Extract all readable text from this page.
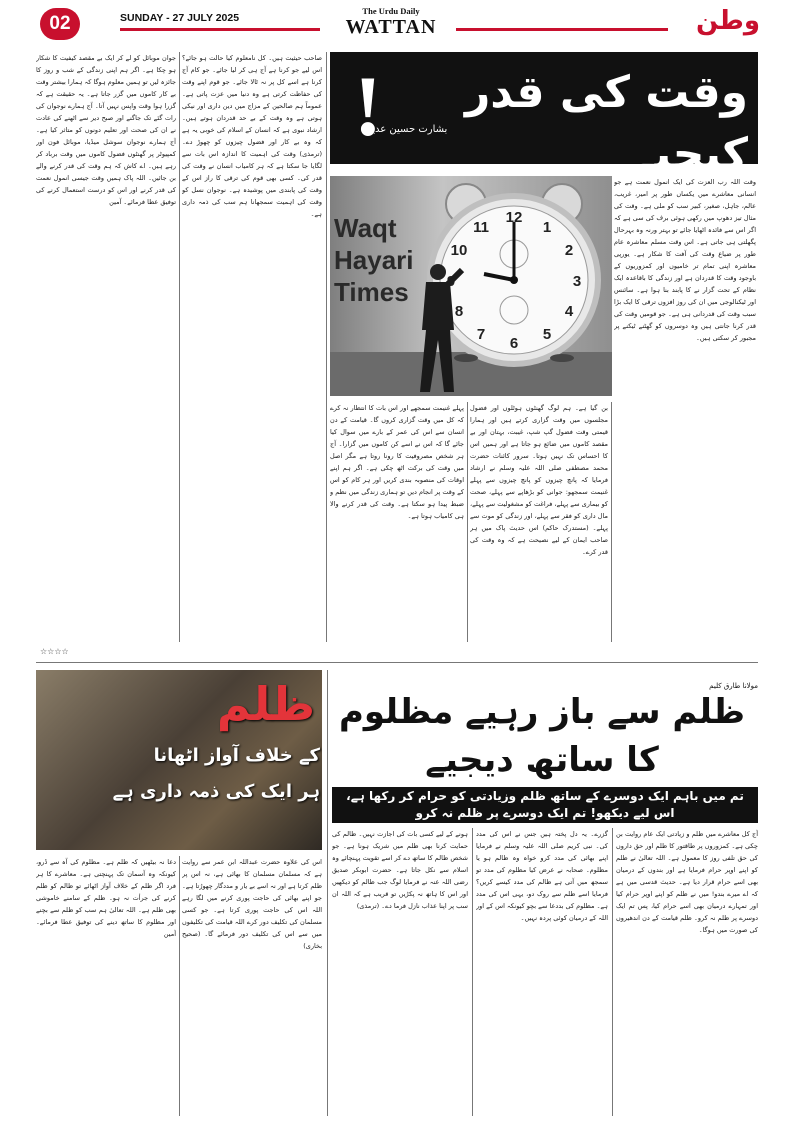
02	SUNDAY - 27 JULY 2025
The Urdu Daily
WATTAN	وطن
وقت کی قدر کیجیے
بشارت حسین عدیل
!
Waqt Hayari Times
12
1
2
3
4
5
6
7
8
10
11
وقت اللہ رب العزت کی ایک انمول نعمت ہے جو انسانی معاشرے میں یکساں طور پر امیر، غریب، عالم، جاہل، صغیر، کبیر سب کو ملی ہے۔ وقت کی مثال تیز دھوپ میں رکھی ہوئی برف کی سی ہے کہ اگر اس سے فائدہ اٹھایا جائے تو بہتر ورنہ وہ بہرحال پگھلتی ہی جاتی ہے۔ اس وقت مسلم معاشرہ عام طور پر ضیاع وقت کی آفت کا شکار ہے۔ یورپی معاشرہ اپنی تمام تر خامیوں اور کمزوریوں کے باوجود وقت کا قدردان ہے اور زندگی کا باقاعدہ ایک نظام کے تحت گزار نے کا پابند بنا ہوا ہے۔ سائنس اور ٹیکنالوجی میں ان کی روز افزوں ترقی کا ایک بڑا سبب وقت کی قدردانی ہی ہے۔ جو قومیں وقت کی قدر کرنا جانتی ہیں وہ دوسروں کو گھٹنے ٹیکنے پر مجبور کر سکتی ہیں۔
بن گیا ہے۔ ہم لوگ گھنٹوں ہوٹلوں اور فضول مجلسوں میں وقت گزاری کرتے ہیں اور ہمارا قیمتی وقت فضول گپ شپ، غیبت، بہتان اور بے مقصد کاموں میں ضائع ہو جاتا ہے اور ہمیں اس کا احساس تک نہیں ہوتا۔ سرور کائنات حضرت محمد مصطفی صلی اللہ علیہ وسلم نے ارشاد فرمایا کہ پانچ چیزوں کو پانچ چیزوں سے پہلے غنیمت سمجھو: جوانی کو بڑھاپے سے پہلے، صحت کو بیماری سے پہلے، فراغت کو مشغولیت سے پہلے، مال داری کو فقر سے پہلے، اور زندگی کو موت سے پہلے۔ (مستدرک حاکم) اس حدیث پاک میں ہر صاحب ایمان کے لیے نصیحت ہے کہ وہ وقت کی قدر کرے۔
پہلے غنیمت سمجھے اور اس بات کا انتظار نہ کرے کہ کل میں وقت گزاری کروں گا۔ قیامت کے دن انسان سے اس کی عمر کے بارے میں سوال کیا جائے گا کہ اس نے اسے کن کاموں میں گزارا۔ آج ہر شخص مصروفیت کا رونا روتا ہے مگر اصل میں وقت کی برکت اٹھ چکی ہے۔ اگر ہم اپنے اوقات کی منصوبہ بندی کریں اور ہر کام کو اس کے وقت پر انجام دیں تو ہماری زندگی میں نظم و ضبط پیدا ہو سکتا ہے۔ وقت کی قدر کرنے والا ہی کامیاب ہوتا ہے۔
صاحب حیثیت ہیں۔ کل نامعلوم کیا حالت ہو جائے؟ اس لیے جو کرنا ہے آج ہی کر لیا جائے۔ جو کام آج کرنا ہے اسے کل پر نہ ٹالا جائے۔ جو قوم اپنے وقت کی حفاظت کرتی ہے وہ دنیا میں عزت پاتی ہے۔ عموماً ہم صالحین کے مزاج میں دین داری اور نیکی ہوتی ہے وہ وقت کے بے حد قدردان ہوتے ہیں۔ ارشاد نبوی ہے کہ انسان کے اسلام کی خوبی یہ ہے کہ وہ بے کار اور فضول چیزوں کو چھوڑ دے۔ (ترمذی) وقت کی اہمیت کا اندازہ اس بات سے لگایا جا سکتا ہے کہ ہر کامیاب انسان نے وقت کی قدر کی۔ کسی بھی قوم کی ترقی کا راز اس کے وقت کی پابندی میں پوشیدہ ہے۔ نوجوان نسل کو وقت کی اہمیت سمجھانا ہم سب کی ذمہ داری ہے۔
جوان موبائل کو لے کر ایک بے مقصد کیفیت کا شکار ہو چکا ہے۔ اگر ہم اپنی زندگی کے شب و روز کا جائزہ لیں تو ہمیں معلوم ہوگا کہ ہمارا بیشتر وقت بے کار کاموں میں گزر جاتا ہے۔ یہ حقیقت ہے کہ گزرا ہوا وقت واپس نہیں آتا۔ آج ہمارے نوجوان کی رات گئے تک جاگنے اور صبح دیر سے اٹھنے کی عادت نے ان کی صحت اور تعلیم دونوں کو متاثر کیا ہے۔ آج ہمارے نوجوان سوشل میڈیا، موبائل فون اور کمپیوٹر پر گھنٹوں فضول کاموں میں وقت برباد کر رہے ہیں۔ اے کاش کہ ہم وقت کی قدر کرنے والے بن جائیں۔ اللہ پاک ہمیں وقت جیسی انمول نعمت کی قدر کرنے اور اس کو درست استعمال کرنے کی توفیق عطا فرمائے۔ آمین
☆☆☆☆
مولانا طارق کلیم
ظلم سے باز رہیے مظلوم کا ساتھ دیجیے
ظلم
کے خلاف آواز اٹھانا
ہر ایک کی ذمہ داری ہے	تم میں باہم ایک دوسرے کے ساتھ ظلم وزیادتی کو حرام کر رکھا ہے، اس لیے دیکھو! تم ایک دوسرے پر ظلم نہ کرو
آج کل معاشرے میں ظلم و زیادتی ایک عام روایت بن چکی ہے۔ کمزوروں پر طاقتور کا ظلم اور حق داروں کی حق تلفی روز کا معمول ہے۔ اللہ تعالیٰ نے ظلم کو اپنے اوپر حرام فرمایا ہے اور بندوں کے درمیان بھی اسے حرام قرار دیا ہے۔ حدیث قدسی میں ہے کہ اے میرے بندو! میں نے ظلم کو اپنے اوپر حرام کیا اور تمہارے درمیان بھی اسے حرام کیا، پس تم ایک دوسرے پر ظلم نہ کرو۔ ظلم قیامت کے دن اندھیروں کی صورت میں ہوگا۔
گزرے۔ یہ دل پختہ ہیں جس نے اس کی مدد کی۔ نبی کریم صلی اللہ علیہ وسلم نے فرمایا اپنے بھائی کی مدد کرو خواہ وہ ظالم ہو یا مظلوم۔ صحابہ نے عرض کیا مظلوم کی مدد تو سمجھ میں آتی ہے ظالم کی مدد کیسے کریں؟ فرمایا اسے ظلم سے روک دو، یہی اس کی مدد ہے۔ مظلوم کی بددعا سے بچو کیونکہ اس کے اور اللہ کے درمیان کوئی پردہ نہیں۔
ہونے کے لیے کسی بات کی اجازت نہیں۔ ظالم کی حمایت کرنا بھی ظلم میں شریک ہونا ہے۔ جو شخص ظالم کا ساتھ دے کر اسے تقویت پہنچائے وہ اسلام سے نکل جاتا ہے۔ حضرت ابوبکر صدیق رضی اللہ عنہ نے فرمایا لوگ جب ظالم کو دیکھیں اور اس کا ہاتھ نہ پکڑیں تو قریب ہے کہ اللہ ان سب پر اپنا عذاب نازل فرما دے۔ (ترمذی)
اس کی علاوہ حضرت عبداللہ ابن عمر سے روایت ہے کہ مسلمان مسلمان کا بھائی ہے، نہ اس پر ظلم کرتا ہے اور نہ اسے بے یار و مددگار چھوڑتا ہے۔ جو اپنے بھائی کی حاجت پوری کرنے میں لگا رہے اللہ اس کی حاجت پوری کرتا ہے۔ جو کسی مسلمان کی تکلیف دور کرے اللہ قیامت کی تکلیفوں میں سے اس کی تکلیف دور فرمائے گا۔ (صحیح بخاری)
دعا نہ بیٹھیں کہ ظلم ہے۔ مظلوم کی آہ سے ڈرو، کیونکہ وہ آسمان تک پہنچتی ہے۔ معاشرے کا ہر فرد اگر ظلم کے خلاف آواز اٹھائے تو ظالم کو ظلم کرنے کی جرأت نہ ہو۔ ظلم کے سامنے خاموشی بھی ظلم ہے۔ اللہ تعالیٰ ہم سب کو ظلم سے بچنے اور مظلوم کا ساتھ دینے کی توفیق عطا فرمائے۔ آمین
